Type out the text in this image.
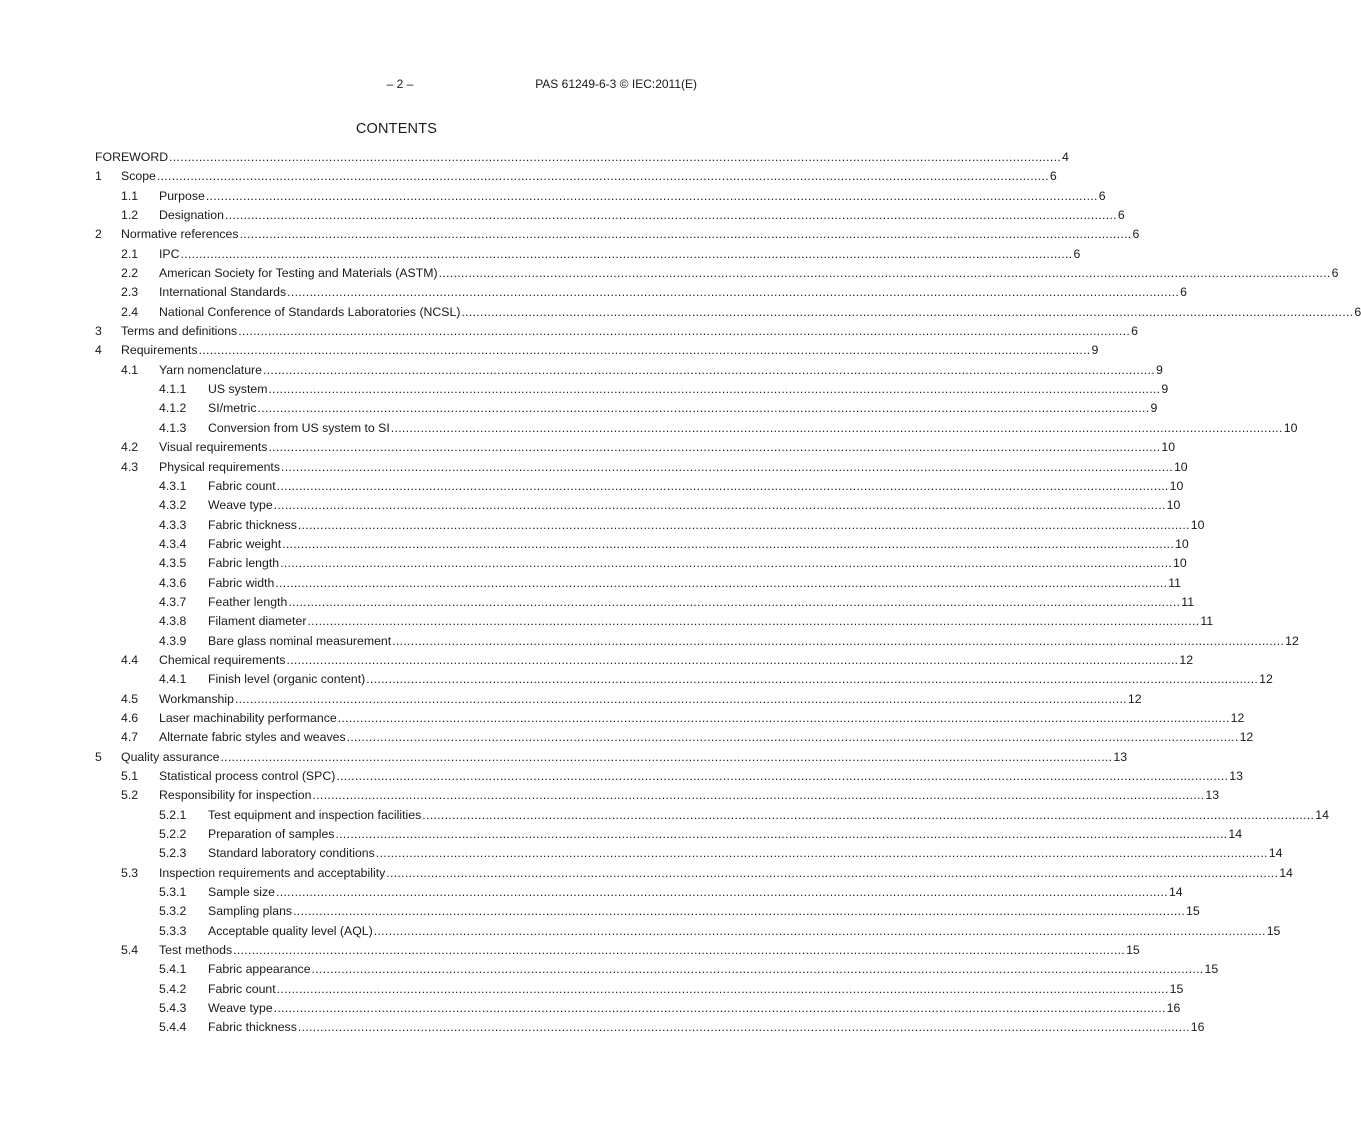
– 2 –	PAS 61249-6-3 © IEC:2011(E)
CONTENTS
FOREWORD ................................................................................................................................................................................................................................................ 4
1	Scope ................................................................................................................................................................................................................................................ 6
1.1	Purpose ................................................................................................................................................................................................................................................ 6
1.2	Designation ................................................................................................................................................................................................................................................ 6
2	Normative references ................................................................................................................................................................................................................................................ 6
2.1	IPC ................................................................................................................................................................................................................................................ 6
2.2	American Society for Testing and Materials (ASTM) ................................................................................................................................................................................................................................................ 6
2.3	International Standards ................................................................................................................................................................................................................................................ 6
2.4	National Conference of Standards Laboratories (NCSL) ................................................................................................................................................................................................................................................ 6
3	Terms and definitions ................................................................................................................................................................................................................................................ 6
4	Requirements ................................................................................................................................................................................................................................................ 9
4.1	Yarn nomenclature ................................................................................................................................................................................................................................................ 9
4.1.1	US system ................................................................................................................................................................................................................................................ 9
4.1.2	SI/metric ................................................................................................................................................................................................................................................ 9
4.1.3	Conversion from US system to SI ................................................................................................................................................................................................................................................ 10
4.2	Visual requirements ................................................................................................................................................................................................................................................ 10
4.3	Physical requirements ................................................................................................................................................................................................................................................ 10
4.3.1	Fabric count ................................................................................................................................................................................................................................................ 10
4.3.2	Weave type ................................................................................................................................................................................................................................................ 10
4.3.3	Fabric thickness ................................................................................................................................................................................................................................................ 10
4.3.4	Fabric weight ................................................................................................................................................................................................................................................ 10
4.3.5	Fabric length ................................................................................................................................................................................................................................................ 10
4.3.6	Fabric width ................................................................................................................................................................................................................................................ 11
4.3.7	Feather length ................................................................................................................................................................................................................................................ 11
4.3.8	Filament diameter ................................................................................................................................................................................................................................................ 11
4.3.9	Bare glass nominal measurement ................................................................................................................................................................................................................................................ 12
4.4	Chemical requirements ................................................................................................................................................................................................................................................ 12
4.4.1	Finish level (organic content) ................................................................................................................................................................................................................................................ 12
4.5	Workmanship ................................................................................................................................................................................................................................................ 12
4.6	Laser machinability performance ................................................................................................................................................................................................................................................ 12
4.7	Alternate fabric styles and weaves ................................................................................................................................................................................................................................................ 12
5	Quality assurance ................................................................................................................................................................................................................................................ 13
5.1	Statistical process control (SPC) ................................................................................................................................................................................................................................................ 13
5.2	Responsibility for inspection ................................................................................................................................................................................................................................................ 13
5.2.1	Test equipment and inspection facilities ................................................................................................................................................................................................................................................ 14
5.2.2	Preparation of samples ................................................................................................................................................................................................................................................ 14
5.2.3	Standard laboratory conditions ................................................................................................................................................................................................................................................ 14
5.3	Inspection requirements and acceptability ................................................................................................................................................................................................................................................ 14
5.3.1	Sample size ................................................................................................................................................................................................................................................ 14
5.3.2	Sampling plans ................................................................................................................................................................................................................................................ 15
5.3.3	Acceptable quality level (AQL) ................................................................................................................................................................................................................................................ 15
5.4	Test methods ................................................................................................................................................................................................................................................ 15
5.4.1	Fabric appearance ................................................................................................................................................................................................................................................ 15
5.4.2	Fabric count ................................................................................................................................................................................................................................................ 15
5.4.3	Weave type ................................................................................................................................................................................................................................................ 16
5.4.4	Fabric thickness ................................................................................................................................................................................................................................................ 16
